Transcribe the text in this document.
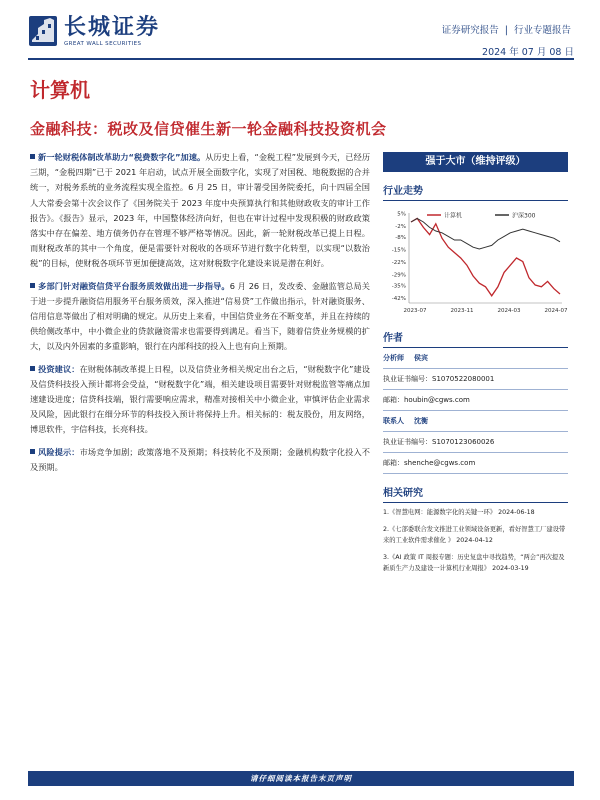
长城证券
GREAT WALL SECURITIES
证券研究报告 | 行业专题报告
2024 年 07 月 08 日
计算机
金融科技：税改及信贷催生新一轮金融科技投资机会

新一轮财税体制改革助力“税费数字化”加速。从历史上看，“金税工程”发展到今天，已经历三期，“金税四期”已于 2021 年启动，试点开展全面数字化，实现了对国税、地税数据的合并统一，对税务系统的业务流程实现全监控。6 月 25 日，审计署受国务院委托，向十四届全国人大常委会第十次会议作了《国务院关于 2023 年度中央预算执行和其他财政收支的审计工作报告》。《报告》显示，2023 年，中国整体经济向好，但也在审计过程中发现积极的财政政策落实中存在偏差、地方债务仍存在管理不够严格等情况。因此，新一轮财税改革已提上日程。而财税改革的其中一个角度，便是需要针对税收的各项环节进行数字化转型，以实现“以数治税”的目标，使财税各项环节更加便捷高效，这对财税数字化建设来说是潜在利好。

多部门针对融资信贷平台服务质效做出进一步指导。6 月 26 日，发改委、金融监管总局关于进一步提升融资信用服务平台服务质效，深入推进“信易贷”工作做出指示，针对融资服务、信用信息等做出了相对明确的规定。从历史上来看，中国信贷业务在不断变革，并且在持续的供给侧改革中，中小微企业的贷款融资需求也需要得到满足。看当下，随着信贷业务规模的扩大，以及内外因素的多重影响，银行在内部科技的投入上也有向上预期。

投资建议：在财税体制改革提上日程，以及信贷业务相关规定出台之后，“财税数字化”建设及信贷科技投入预计都将会受益，“财税数字化”端，相关建设项目需要针对财税监管等痛点加速建设进度；信贷科技端，银行需要响应需求，精准对接相关中小微企业，审慎评估企业需求及风险，因此银行在细分环节的科技投入预计将保持上升。相关标的：税友股份，用友网络，博思软件，宇信科技，长亮科技。

风险提示：市场竞争加剧；政策落地不及预期；科技转化不及预期；金融机构数字化投入不及预期。

强于大市（维持评级）
行业走势
5%
-2%
-8%
-15%
-22%
-29%
-35%
-42%
2023-07	2023-11	2024-03	2024-07
计算机	沪深300
作者
分析师 侯宾
执业证书编号：S1070522080001
邮箱：houbin@cgws.com
联系人 沈衡
执业证书编号：S1070123060026
邮箱：shenche@cgws.com
相关研究
1.《智慧电网：能源数字化的关键一环》 2024-06-18
2.《七部委联合发文推进工业领域设备更新，看好智慧工厂建设带来的工业软件需求催化 》 2024-04-12
3.《AI 政策 IT 周报专题：历史复盘中寻找趋势，“两会”再次提及新质生产力及建设一计算机行业周报》 2024-03-19
请仔细阅读本报告末页声明
